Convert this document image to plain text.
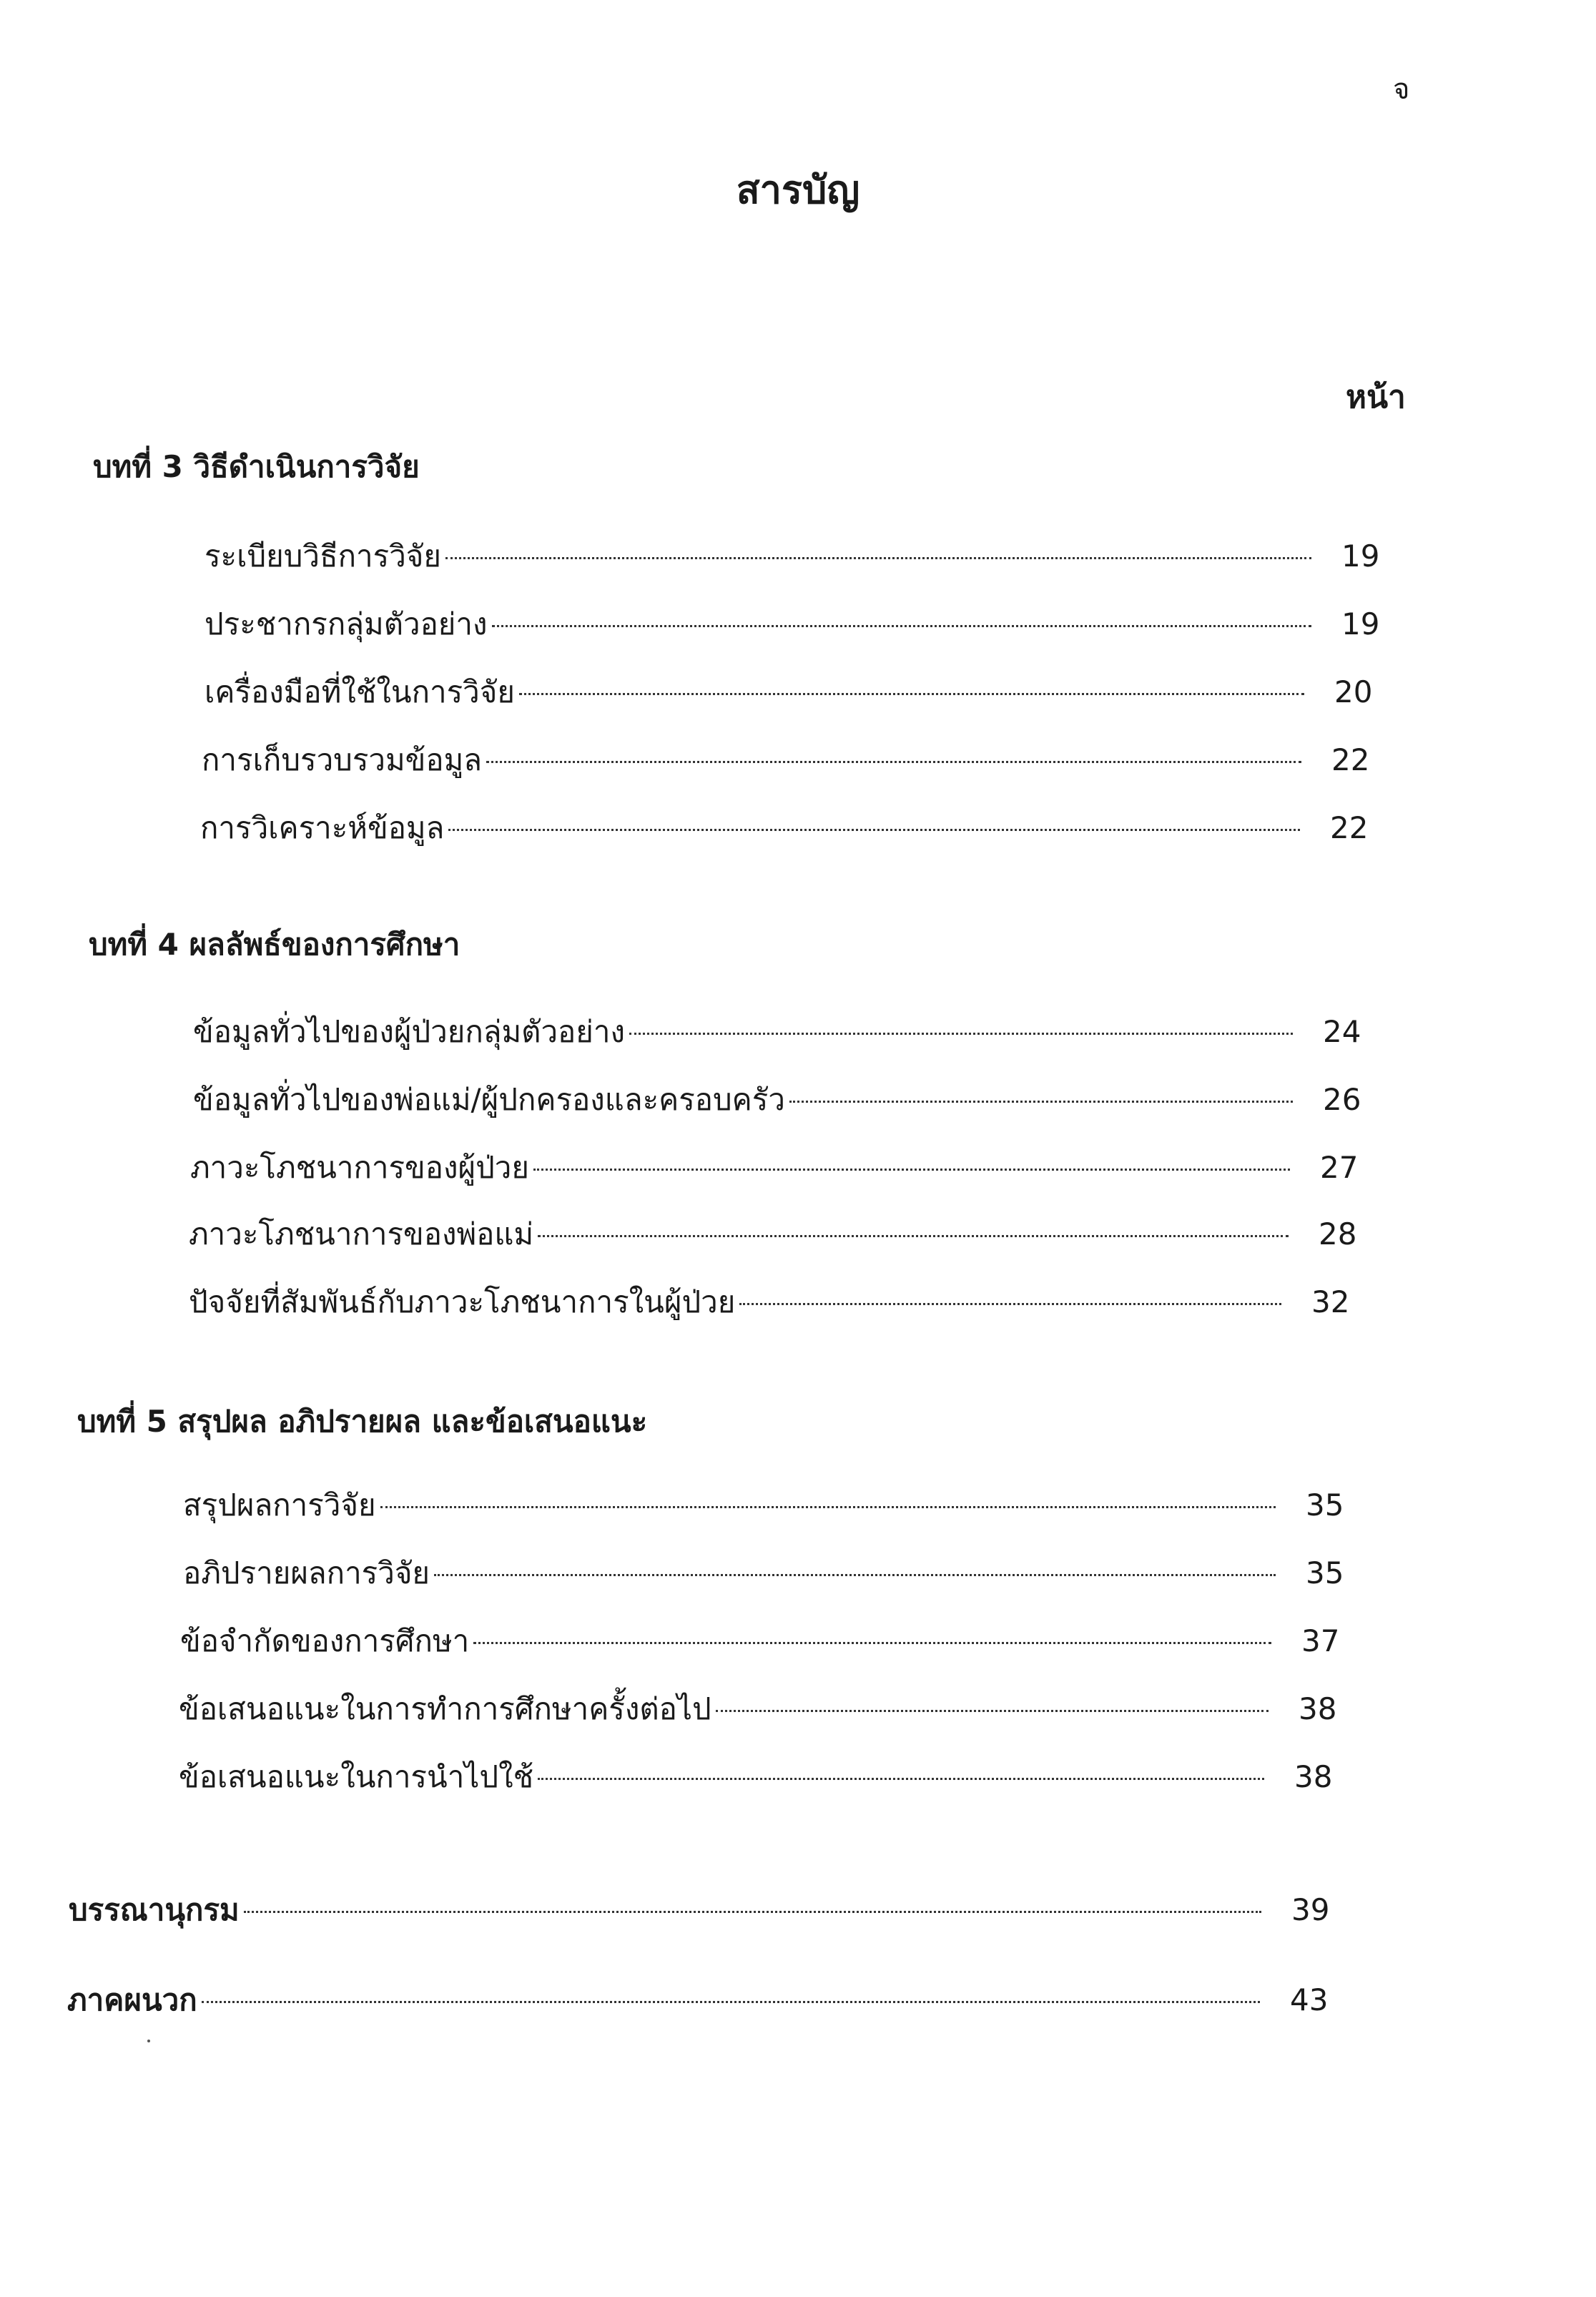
จ
สารบัญ
หน้า
บทที่ 3 วิธีดำเนินการวิจัย
ระเบียบวิธีการวิจัย	19
ประชากรกลุ่มตัวอย่าง	19
เครื่องมือที่ใช้ในการวิจัย	20
การเก็บรวบรวมข้อมูล	22
การวิเคราะห์ข้อมูล	22
บทที่ 4 ผลลัพธ์ของการศึกษา
ข้อมูลทั่วไปของผู้ป่วยกลุ่มตัวอย่าง	24
ข้อมูลทั่วไปของพ่อแม่/ผู้ปกครองและครอบครัว	26
ภาวะโภชนาการของผู้ป่วย	27
ภาวะโภชนาการของพ่อแม่	28
ปัจจัยที่สัมพันธ์กับภาวะโภชนาการในผู้ป่วย	32
บทที่ 5 สรุปผล อภิปรายผล และข้อเสนอแนะ
สรุปผลการวิจัย	35
อภิปรายผลการวิจัย	35
ข้อจำกัดของการศึกษา	37
ข้อเสนอแนะในการทำการศึกษาครั้งต่อไป	38
ข้อเสนอแนะในการนำไปใช้	38
บรรณานุกรม	39
ภาคผนวก	43
